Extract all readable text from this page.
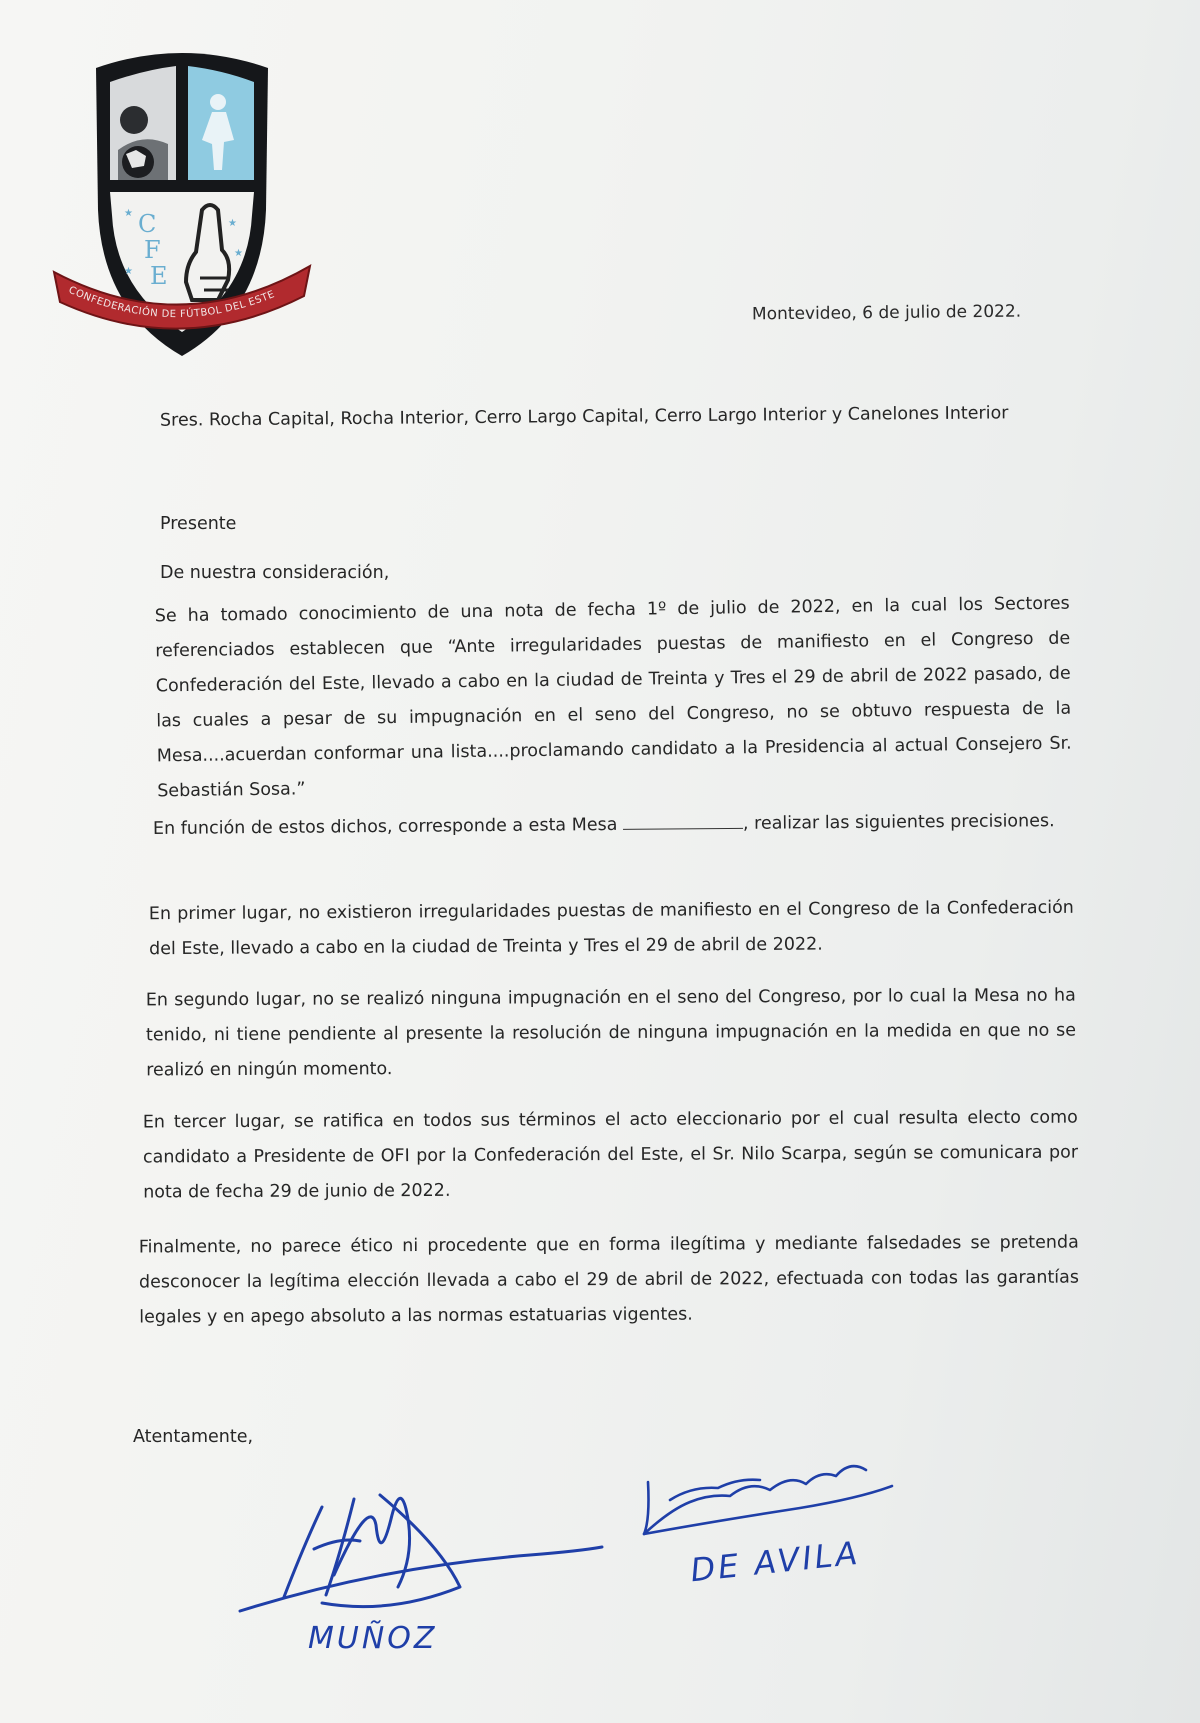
C
F
E
★
★
★
★
CONFEDERACIÓN DE FÚTBOL DEL ESTE
Montevideo, 6 de julio de 2022.
Sres. Rocha Capital, Rocha Interior, Cerro Largo Capital, Cerro Largo Interior y Canelones Interior
Presente
De nuestra consideración,
Se ha tomado conocimiento de una nota de fecha 1º de julio de 2022, en la cual los Sectores referenciados establecen que “Ante irregularidades puestas de manifiesto en el Congreso de Confederación del Este, llevado a cabo en la ciudad de Treinta y Tres el 29 de abril de 2022 pasado, de las cuales a pesar de su impugnación en el seno del Congreso, no se obtuvo respuesta de la Mesa....acuerdan conformar una lista....proclamando candidato a la Presidencia al actual Consejero Sr. Sebastián Sosa.”
En función de estos dichos, corresponde a esta Mesa	, realizar las siguientes precisiones.
En primer lugar, no existieron irregularidades puestas de manifiesto en el Congreso de la Confederación del Este, llevado a cabo en la ciudad de Treinta y Tres el 29 de abril de 2022.
En segundo lugar, no se realizó ninguna impugnación en el seno del Congreso, por lo cual la Mesa no ha tenido, ni tiene pendiente al presente la resolución de ninguna impugnación en la medida en que no se realizó en ningún momento.
En tercer lugar, se ratifica en todos sus términos el acto eleccionario por el cual resulta electo como candidato a Presidente de OFI por la Confederación del Este, el Sr. Nilo Scarpa, según se comunicara por nota de fecha 29 de junio de 2022.
Finalmente, no parece ético ni procedente que en forma ilegítima y mediante falsedades se pretenda desconocer la legítima elección llevada a cabo el 29 de abril de 2022, efectuada con todas las garantías legales y en apego absoluto a las normas estatuarias vigentes.
Atentamente,
MUÑOZ
DE AVILA
